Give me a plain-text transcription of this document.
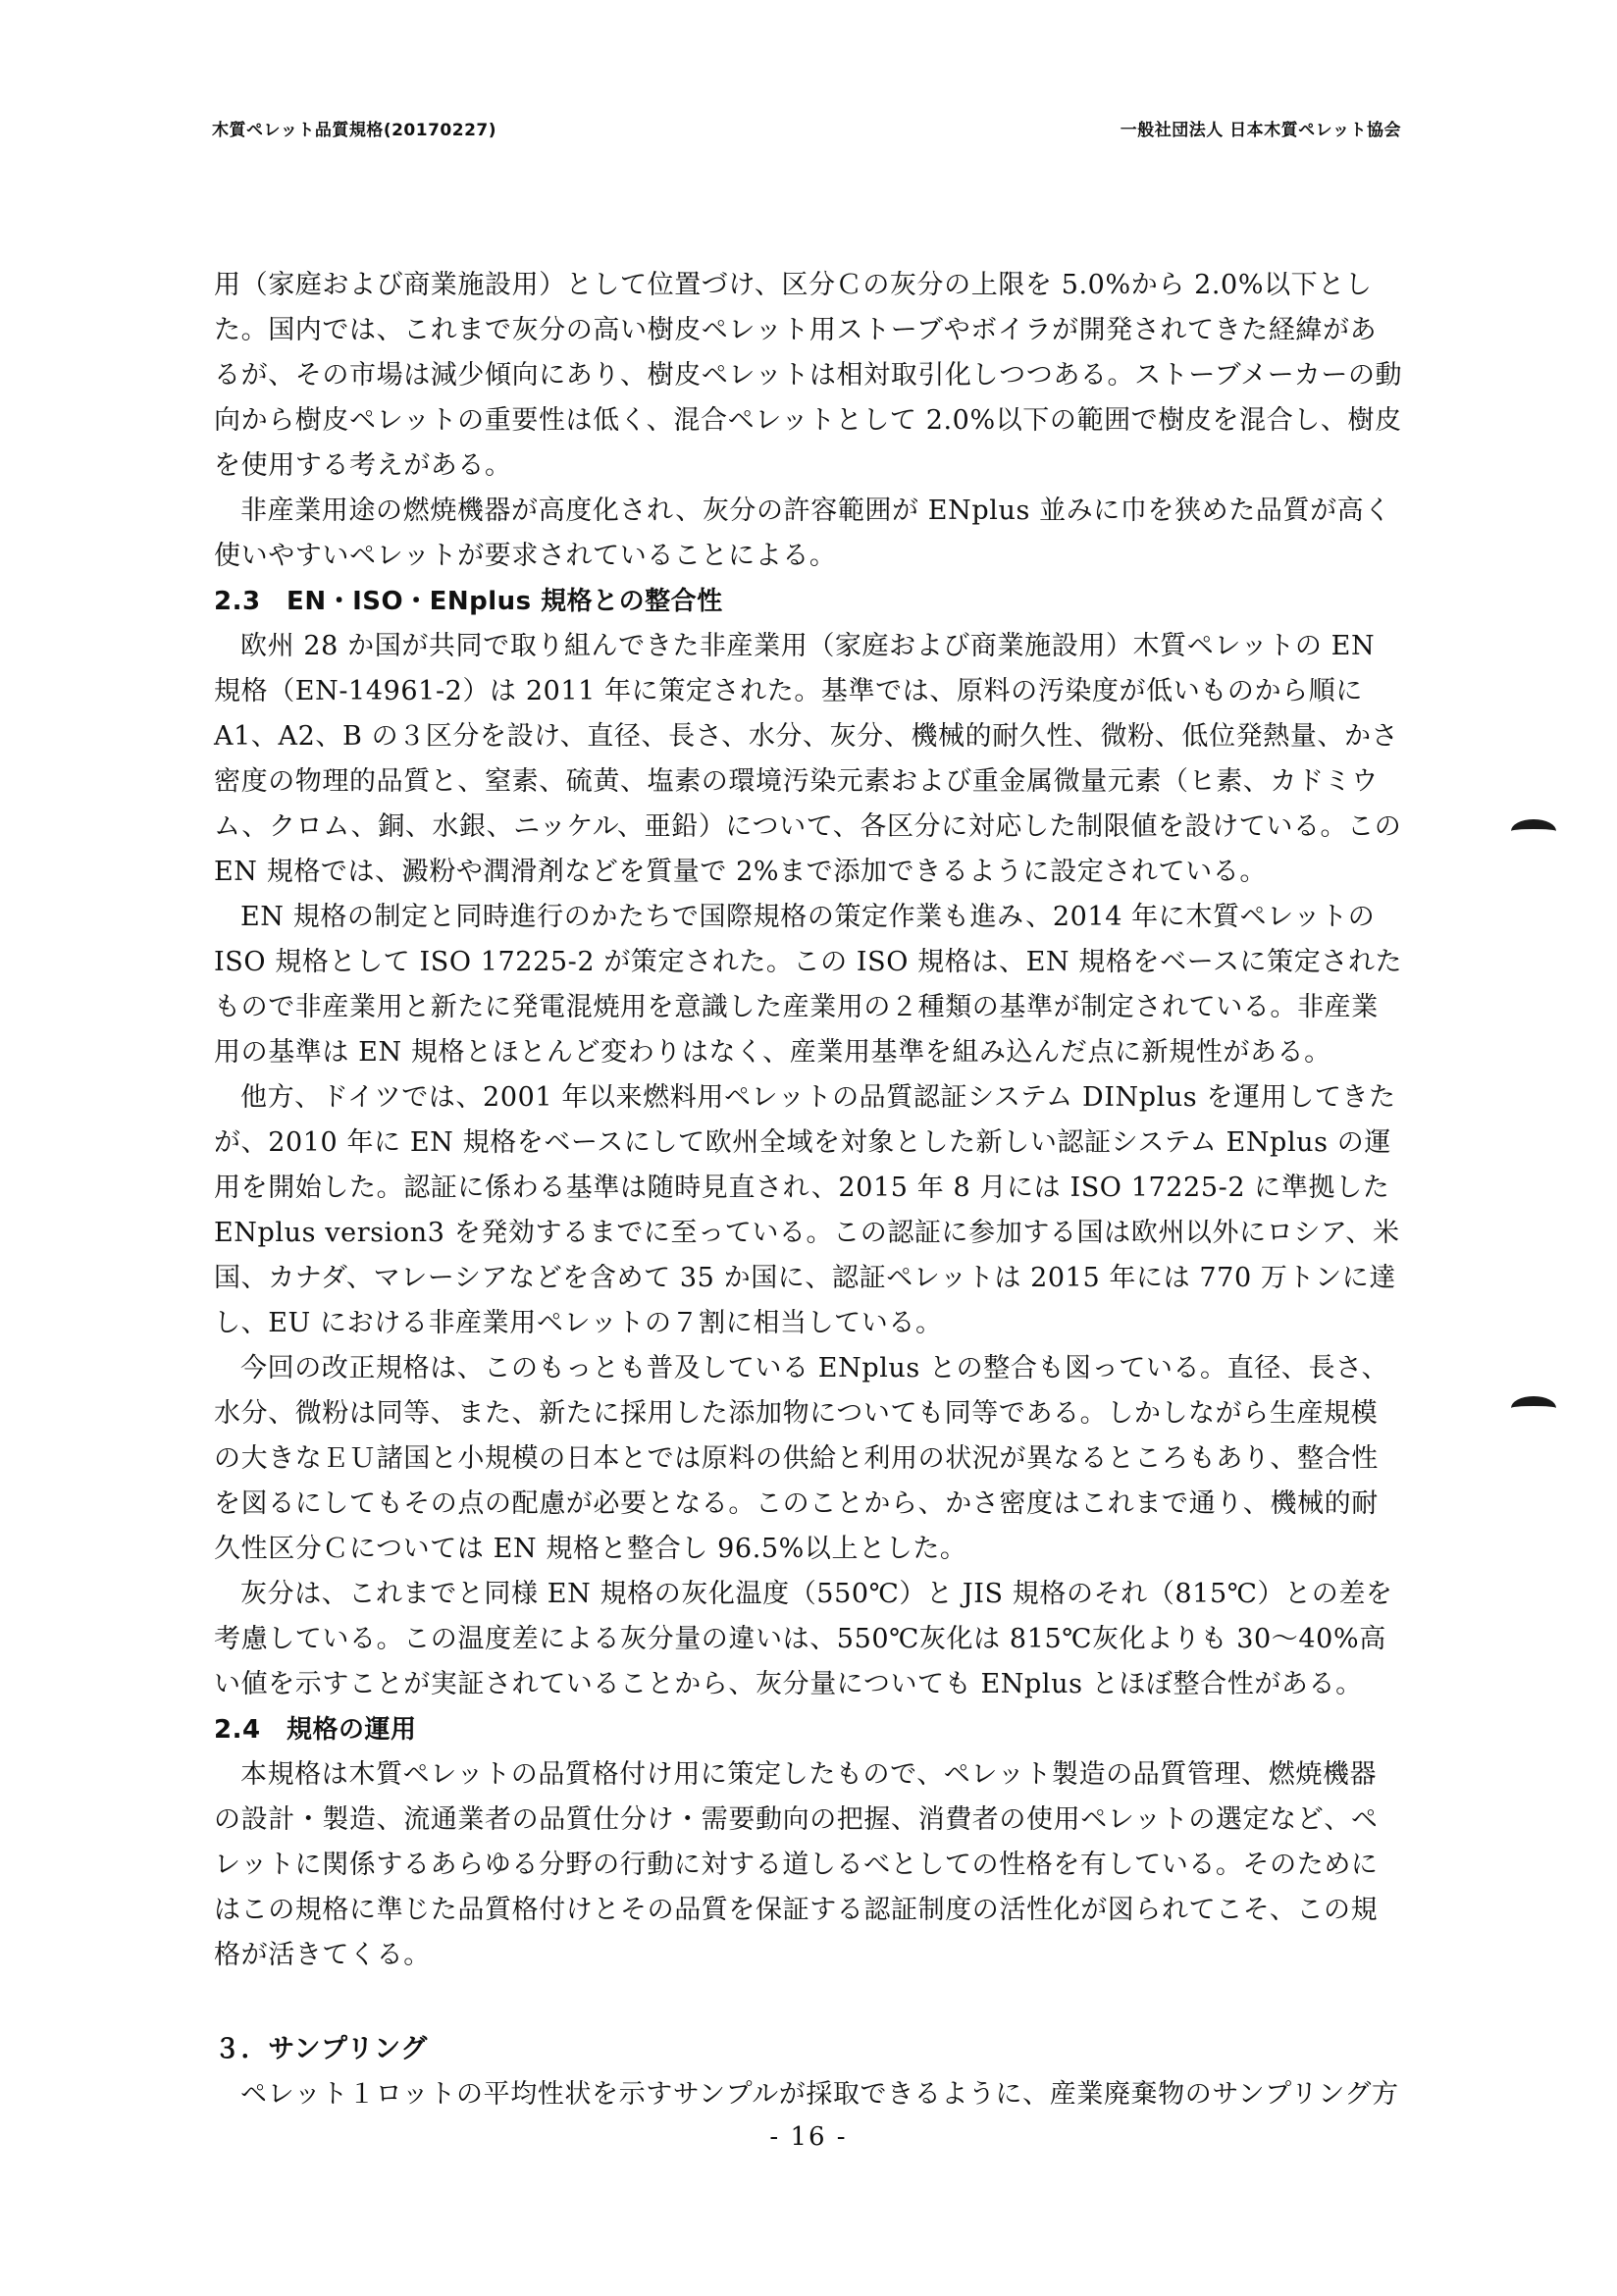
木質ペレット品質規格(20170227)	一般社団法人 日本木質ペレット協会

用（家庭および商業施設用）として位置づけ、区分Ｃの灰分の上限を 5.0%から 2.0%以下とした。国内では、これまで灰分の高い樹皮ペレット用ストーブやボイラが開発されてきた経緯があるが、その市場は減少傾向にあり、樹皮ペレットは相対取引化しつつある。ストーブメーカーの動向から樹皮ペレットの重要性は低く、混合ペレットとして 2.0%以下の範囲で樹皮を混合し、樹皮を使用する考えがある。

非産業用途の燃焼機器が高度化され、灰分の許容範囲が ENplus 並みに巾を狭めた品質が高く使いやすいペレットが要求されていることによる。

2.3　EN・ISO・ENplus 規格との整合性

欧州 28 か国が共同で取り組んできた非産業用（家庭および商業施設用）木質ペレットの EN 規格（EN-14961-2）は 2011 年に策定された。基準では、原料の汚染度が低いものから順に A1、A2、B の３区分を設け、直径、長さ、水分、灰分、機械的耐久性、微粉、低位発熱量、かさ密度の物理的品質と、窒素、硫黄、塩素の環境汚染元素および重金属微量元素（ヒ素、カドミウム、クロム、銅、水銀、ニッケル、亜鉛）について、各区分に対応した制限値を設けている。この EN 規格では、澱粉や潤滑剤などを質量で 2%まで添加できるように設定されている。

EN 規格の制定と同時進行のかたちで国際規格の策定作業も進み、2014 年に木質ペレットの ISO 規格として ISO 17225-2 が策定された。この ISO 規格は、EN 規格をベースに策定されたもので非産業用と新たに発電混焼用を意識した産業用の２種類の基準が制定されている。非産業用の基準は EN 規格とほとんど変わりはなく、産業用基準を組み込んだ点に新規性がある。

他方、ドイツでは、2001 年以来燃料用ペレットの品質認証システム DINplus を運用してきたが、2010 年に EN 規格をベースにして欧州全域を対象とした新しい認証システム ENplus の運用を開始した。認証に係わる基準は随時見直され、2015 年 8 月には ISO 17225-2 に準拠した ENplus version3 を発効するまでに至っている。この認証に参加する国は欧州以外にロシア、米国、カナダ、マレーシアなどを含めて 35 か国に、認証ペレットは 2015 年には 770 万トンに達し、EU における非産業用ペレットの７割に相当している。

今回の改正規格は、このもっとも普及している ENplus との整合も図っている。直径、長さ、水分、微粉は同等、また、新たに採用した添加物についても同等である。しかしながら生産規模の大きなＥＵ諸国と小規模の日本とでは原料の供給と利用の状況が異なるところもあり、整合性を図るにしてもその点の配慮が必要となる。このことから、かさ密度はこれまで通り、機械的耐久性区分Ｃについては EN 規格と整合し 96.5%以上とした。

灰分は、これまでと同様 EN 規格の灰化温度（550℃）と JIS 規格のそれ（815℃）との差を考慮している。この温度差による灰分量の違いは、550℃灰化は 815℃灰化よりも 30～40%高い値を示すことが実証されていることから、灰分量についても ENplus とほぼ整合性がある。

2.4　規格の運用

本規格は木質ペレットの品質格付け用に策定したもので、ペレット製造の品質管理、燃焼機器の設計・製造、流通業者の品質仕分け・需要動向の把握、消費者の使用ペレットの選定など、ペレットに関係するあらゆる分野の行動に対する道しるべとしての性格を有している。そのためにはこの規格に準じた品質格付けとその品質を保証する認証制度の活性化が図られてこそ、この規格が活きてくる。

３．サンプリング

ペレット１ロットの平均性状を示すサンプルが採取できるように、産業廃棄物のサンプリング方

- 16 -
